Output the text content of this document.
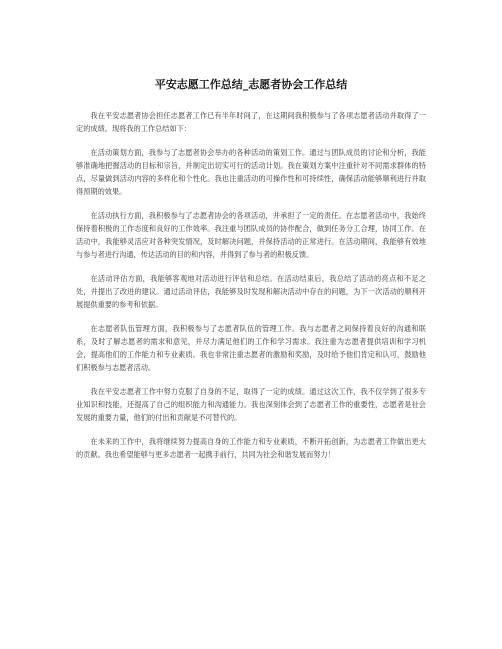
平安志愿工作总结_志愿者协会工作总结

我在平安志愿者协会担任志愿者工作已有半年时间了，在这期间我积极参与了各项志愿者活动并取得了一定的成绩。现将我的工作总结如下：

在活动策划方面，我参与了志愿者协会举办的各种活动的策划工作。通过与团队成员的讨论和分析，我能够准确地把握活动的目标和宗旨，并制定出切实可行的活动计划。我在策划方案中注重针对不同需求群体的特点，尽量做到活动内容的多样化和个性化。我也注重活动的可操作性和可持续性，确保活动能够顺利进行并取得预期的效果。

在活动执行方面，我积极参与了志愿者协会的各项活动，并承担了一定的责任。在志愿者活动中，我始终保持着积极的工作态度和良好的工作效率。我注重与团队成员的协作配合，做到任务分工合理，协同工作。在活动中，我能够灵活应对各种突发情况，及时解决问题，并保持活动的正常进行。在活动期间，我能够有效地与参与者进行沟通，传达活动的目的和内容，并得到了参与者的积极反馈。

在活动评估方面，我能够客观地对活动进行评估和总结。在活动结束后，我总结了活动的亮点和不足之处，并提出了改进的建议。通过活动评估，我能够及时发现和解决活动中存在的问题，为下一次活动的顺利开展提供重要的参考和依据。

在志愿者队伍管理方面，我积极参与了志愿者队伍的管理工作。我与志愿者之间保持着良好的沟通和联系，及时了解志愿者的需求和意见，并尽力满足他们的工作和学习需求。我注重为志愿者提供培训和学习机会，提高他们的工作能力和专业素质。我也非常注重志愿者的激励和奖励，及时给予他们肯定和认可，鼓励他们积极参与志愿者活动。

我在平安志愿者工作中努力克服了自身的不足，取得了一定的成绩。通过这次工作，我不仅学到了很多专业知识和技能，还提高了自己的组织能力和沟通能力。我也深刻体会到了志愿者工作的重要性，志愿者是社会发展的重要力量，他们的付出和贡献是不可替代的。

在未来的工作中，我将继续努力提高自身的工作能力和专业素质，不断开拓创新，为志愿者工作做出更大的贡献。我也希望能够与更多志愿者一起携手前行，共同为社会和谐发展而努力！
